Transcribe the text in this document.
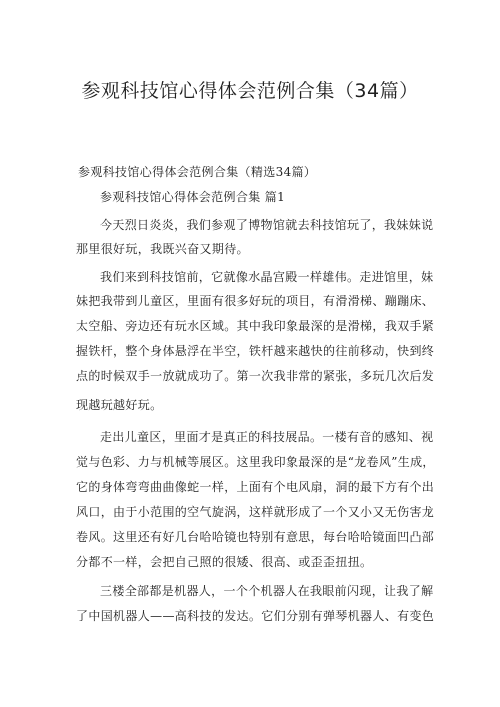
参观科技馆心得体会范例合集（34篇）

参观科技馆心得体会范例合集（精选34篇）

参观科技馆心得体会范例合集 篇1

今天烈日炎炎，我们参观了博物馆就去科技馆玩了，我妹妹说

那里很好玩，我既兴奋又期待。

我们来到科技馆前，它就像水晶宫殿一样雄伟。走进馆里，妹

妹把我带到儿童区，里面有很多好玩的项目，有滑滑梯、蹦蹦床、

太空船、旁边还有玩水区域。其中我印象最深的是滑梯，我双手紧

握铁杆，整个身体悬浮在半空，铁杆越来越快的往前移动，快到终

点的时候双手一放就成功了。第一次我非常的紧张，多玩几次后发

现越玩越好玩。

走出儿童区，里面才是真正的科技展品。一楼有音的感知、视

觉与色彩、力与机械等展区。这里我印象最深的是“龙卷风”生成，

它的身体弯弯曲曲像蛇一样，上面有个电风扇，洞的最下方有个出

风口，由于小范围的空气旋涡，这样就形成了一个又小又无伤害龙

卷风。这里还有好几台哈哈镜也特别有意思，每台哈哈镜面凹凸部

分都不一样，会把自己照的很矮、很高、或歪歪扭扭。

三楼全部都是机器人，一个个机器人在我眼前闪现，让我了解

了中国机器人——高科技的发达。它们分别有弹琴机器人、有变色
